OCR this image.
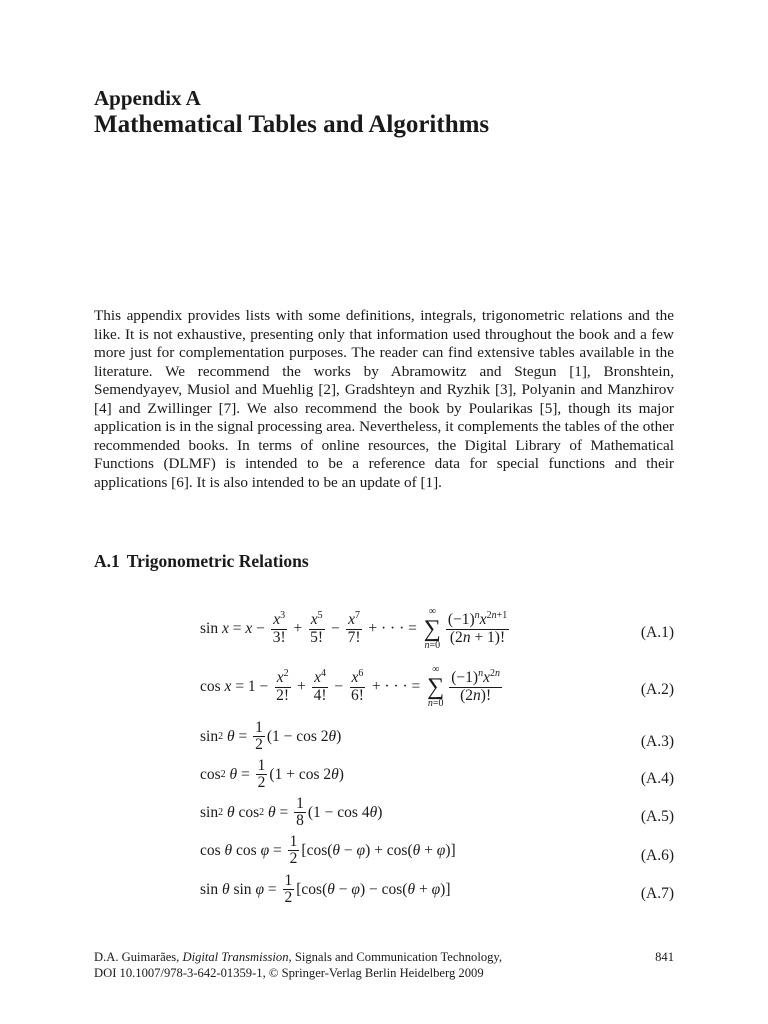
Appendix A
Mathematical Tables and Algorithms

This appendix provides lists with some definitions, integrals, trigonometric relations and the like. It is not exhaustive, presenting only that information used throughout the book and a few more just for complementation purposes. The reader can find extensive tables available in the literature. We recommend the works by Abramowitz and Stegun [1], Bronshtein, Semendyayev, Musiol and Muehlig [2], Gradshteyn and Ryzhik [3], Polyanin and Manzhirov [4] and Zwillinger [7]. We also recommend the book by Poularikas [5], though its major application is in the signal processing area. Nevertheless, it complements the tables of the other recommended books. In terms of online resources, the Digital Library of Mathematical Functions (DLMF) is intended to be a reference data for special functions and their applications [6]. It is also intended to be an update of [1].

A.1 Trigonometric Relations
$\sin x = x - \frac{x^3}{3!} + \frac{x^5}{5!} - \frac{x^7}{7!}$ + · · · =
∞
∑
$n=0 \frac{(-1)^nx^{2n+1}}{(2n + 1)!}$	(A.1)
$\cos x = 1 - \frac{x^2}{2!} + \frac{x^4}{4!} - \frac{x^6}{6!}$ + · · · =
∞
∑
$n=0 \frac{(-1)^nx^{2n}}{(2n)!}$	(A.2)
sin 2
$\theta = \frac{1}{2} (1 - \cos 2$ θ )	(A.3)
cos 2
$\theta = \frac{1}{2} (1 + \cos 2$ θ )	(A.4)
sin 2
θ cos 2
$\theta = \frac{1}{8} (1 - \cos 4$ θ )	(A.5)
cos θ $\cos \varphi = \frac{1}{2} [\cos$( θ − φ ) + cos( θ + φ )]	(A.6)
sin θ $\sin \varphi = \frac{1}{2} [\cos$( θ − φ ) − cos( θ + φ )]	(A.7)
D.A. Guimarães, Digital Transmission, Signals and Communication Technology,
DOI 10.1007/978-3-642-01359-1, © Springer-Verlag Berlin Heidelberg 2009
841
